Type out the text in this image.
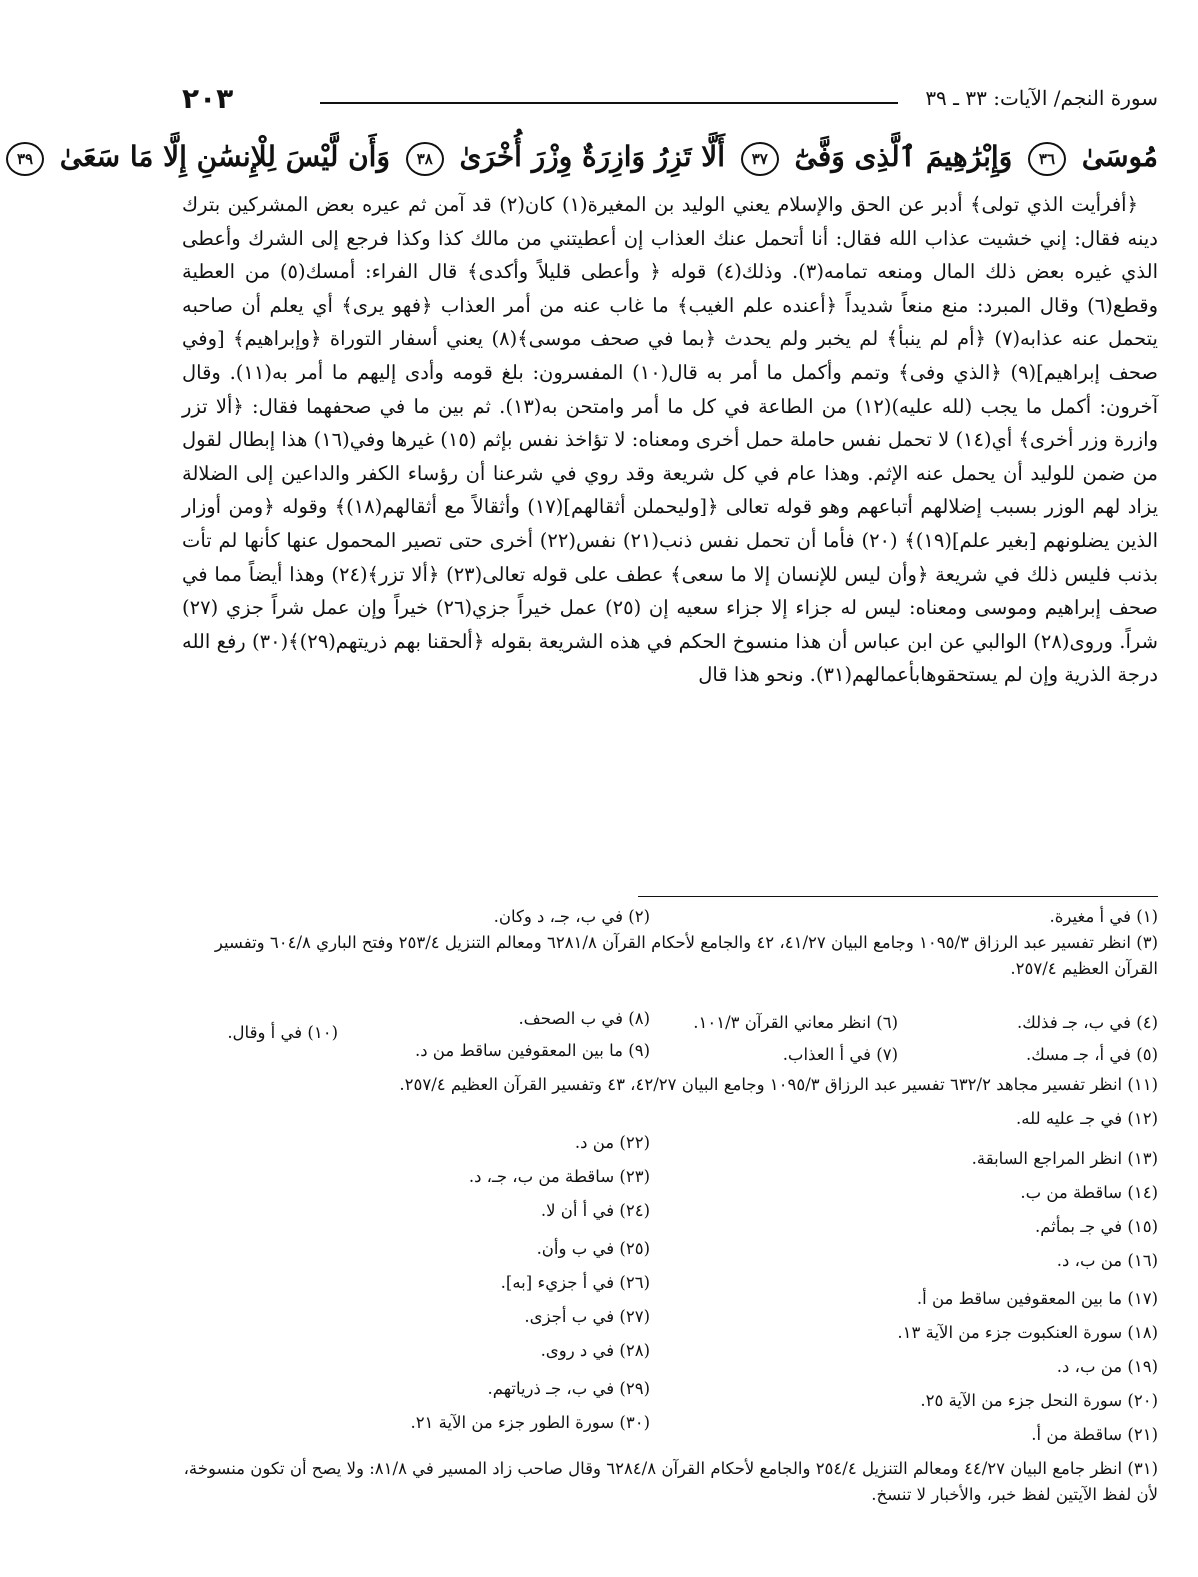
سورة النجم/ الآيات: ٣٣ ـ ٣٩
٢٠٣
مُوسَىٰ ٣٦ وَإِبْرَٰهِيمَ ٱلَّذِى وَفَّىٰٓ ٣٧ أَلَّا تَزِرُ وَازِرَةٌ وِزْرَ أُخْرَىٰ ٣٨ وَأَن لَّيْسَ لِلْإِنسَٰنِ إِلَّا مَا سَعَىٰ ٣٩

﴿أفرأيت الذي تولى﴾ أدبر عن الحق والإسلام يعني الوليد بن المغيرة(١) كان(٢) قد آمن ثم عيره بعض المشركين بترك دينه فقال: إني خشيت عذاب الله فقال: أنا أتحمل عنك العذاب إن أعطيتني من مالك كذا وكذا فرجع إلى الشرك وأعطى الذي غيره بعض ذلك المال ومنعه تمامه(٣). وذلك(٤) قوله ﴿ وأعطى قليلاً وأكدى﴾ قال الفراء: أمسك(٥) من العطية وقطع(٦) وقال المبرد: منع منعاً شديداً ﴿أعنده علم الغيب﴾ ما غاب عنه من أمر العذاب ﴿فهو يرى﴾ أي يعلم أن صاحبه يتحمل عنه عذابه(٧) ﴿أم لم ينبأ﴾ لم يخبر ولم يحدث ﴿بما في صحف موسى﴾(٨) يعني أسفار التوراة ﴿وإبراهيم﴾ [وفي صحف إبراهيم](٩) ﴿الذي وفى﴾ وتمم وأكمل ما أمر به قال(١٠) المفسرون: بلغ قومه وأدى إليهم ما أمر به(١١). وقال آخرون: أكمل ما يجب (لله عليه)(١٢) من الطاعة في كل ما أمر وامتحن به(١٣). ثم بين ما في صحفهما فقال: ﴿ألا تزر وازرة وزر أخرى﴾ أي(١٤) لا تحمل نفس حاملة حمل أخرى ومعناه: لا تؤاخذ نفس بإثم (١٥) غيرها وفي(١٦) هذا إبطال لقول من ضمن للوليد أن يحمل عنه الإثم. وهذا عام في كل شريعة وقد روي في شرعنا أن رؤساء الكفر والداعين إلى الضلالة يزاد لهم الوزر بسبب إضلالهم أتباعهم وهو قوله تعالى ﴿[وليحملن أثقالهم](١٧) وأثقالاً مع أثقالهم(١٨)﴾ وقوله ﴿ومن أوزار الذين يضلونهم [بغير علم](١٩)﴾ (٢٠) فأما أن تحمل نفس ذنب(٢١) نفس(٢٢) أخرى حتى تصير المحمول عنها كأنها لم تأت بذنب فليس ذلك في شريعة ﴿وأن ليس للإنسان إلا ما سعى﴾ عطف على قوله تعالى(٢٣) ﴿ألا تزر﴾(٢٤) وهذا أيضاً مما في صحف إبراهيم وموسى ومعناه: ليس له جزاء إلا جزاء سعيه إن (٢٥) عمل خيراً جزي(٢٦) خيراً وإن عمل شراً جزي (٢٧) شراً. وروى(٢٨) الوالبي عن ابن عباس أن هذا منسوخ الحكم في هذه الشريعة بقوله ﴿ألحقنا بهم ذريتهم(٢٩)﴾(٣٠) رفع الله درجة الذرية وإن لم يستحقوهابأعمالهم(٣١). ونحو هذا قال

(١) في أ مغيرة.
(٢) في ب، جـ، د وكان.
(٣) انظر تفسير عبد الرزاق ١٠٩٥/٣ وجامع البيان ٤١/٢٧، ٤٢ والجامع لأحكام القرآن ٦٢٨١/٨ ومعالم التنزيل ٢٥٣/٤ وفتح الباري ٦٠٤/٨ وتفسير القرآن العظيم ٢٥٧/٤.
(٤) في ب، جـ فذلك.
(٦) انظر معاني القرآن ١٠١/٣.
(٨) في ب الصحف.
(١٠) في أ وقال.
(٥) في أ، جـ مسك.
(٧) في أ العذاب.
(٩) ما بين المعقوفين ساقط من د.
(١١) انظر تفسير مجاهد ٦٣٢/٢ تفسير عبد الرزاق ١٠٩٥/٣ وجامع البيان ٤٢/٢٧، ٤٣ وتفسير القرآن العظيم ٢٥٧/٤.
(١٢) في جـ عليه لله.
(١٣) انظر المراجع السابقة.
(١٤) ساقطة من ب.
(١٥) في جـ بمأثم.
(١٦) من ب، د.
(١٧) ما بين المعقوفين ساقط من أ.
(١٨) سورة العنكبوت جزء من الآية ١٣.
(١٩) من ب، د.
(٢٠) سورة النحل جزء من الآية ٢٥.
(٢١) ساقطة من أ.
(٢٢) من د.
(٢٣) ساقطة من ب، جـ، د.
(٢٤) في أ أن لا.
(٢٥) في ب وأن.
(٢٦) في أ جزيء [به].
(٢٧) في ب أجزى.
(٢٨) في د روى.
(٢٩) في ب، جـ ذرياتهم.
(٣٠) سورة الطور جزء من الآية ٢١.
(٣١) انظر جامع البيان ٤٤/٢٧ ومعالم التنزيل ٢٥٤/٤ والجامع لأحكام القرآن ٦٢٨٤/٨ وقال صاحب زاد المسير في ٨١/٨: ولا يصح أن تكون منسوخة، لأن لفظ الآيتين لفظ خبر، والأخبار لا تنسخ.
